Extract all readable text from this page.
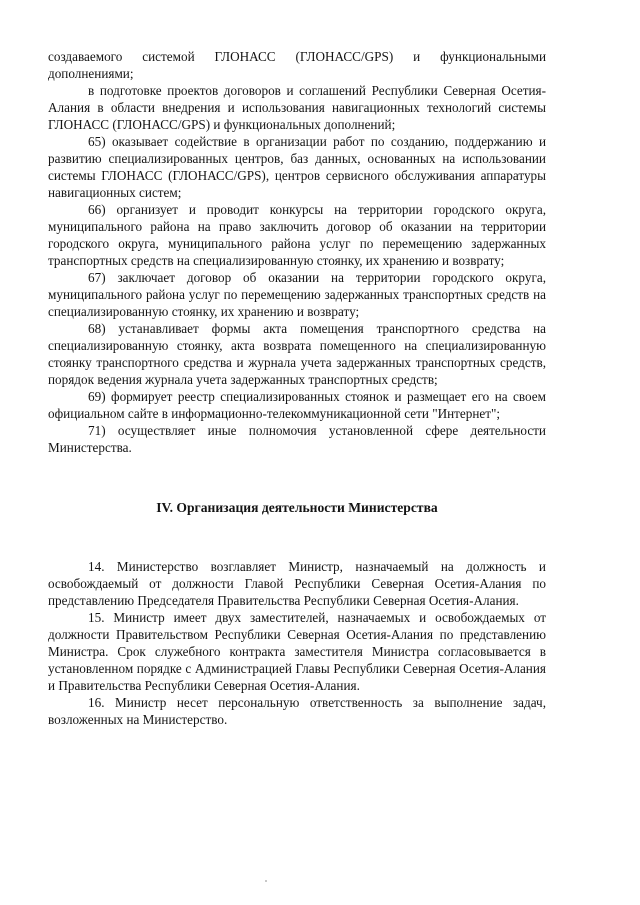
создаваемого системой ГЛОНАСС (ГЛОНАСС/GPS) и функциональными дополнениями;

в подготовке проектов договоров и соглашений Республики Северная Осетия-Алания в области внедрения и использования навигационных технологий системы ГЛОНАСС (ГЛОНАСС/GPS) и функциональных дополнений;

65) оказывает содействие в организации работ по созданию, поддержанию и развитию специализированных центров, баз данных, основанных на использовании системы ГЛОНАСС (ГЛОНАСС/GPS), центров сервисного обслуживания аппаратуры навигационных систем;

66) организует и проводит конкурсы на территории городского округа, муниципального района на право заключить договор об оказании на территории городского округа, муниципального района услуг по перемещению задержанных транспортных средств на специализированную стоянку, их хранению и возврату;

67) заключает договор об оказании на территории городского округа, муниципального района услуг по перемещению задержанных транспортных средств на специализированную стоянку, их хранению и возврату;

68) устанавливает формы акта помещения транспортного средства на специализированную стоянку, акта возврата помещенного на специализированную стоянку транспортного средства и журнала учета задержанных транспортных средств, порядок ведения журнала учета задержанных транспортных средств;

69) формирует реестр специализированных стоянок и размещает его на своем официальном сайте в информационно-телекоммуникационной сети "Интернет";

71) осуществляет иные полномочия установленной сфере деятельности Министерства.

IV. Организация деятельности Министерства

14. Министерство возглавляет Министр, назначаемый на должность и освобождаемый от должности Главой Республики Северная Осетия-Алания по представлению Председателя Правительства Республики Северная Осетия-Алания.

15. Министр имеет двух заместителей, назначаемых и освобождаемых от должности Правительством Республики Северная Осетия-Алания по представлению Министра. Срок служебного контракта заместителя Министра согласовывается в установленном порядке с Администрацией Главы Республики Северная Осетия-Алания и Правительства Республики Северная Осетия-Алания.

16. Министр несет персональную ответственность за выполнение задач, возложенных на Министерство.
